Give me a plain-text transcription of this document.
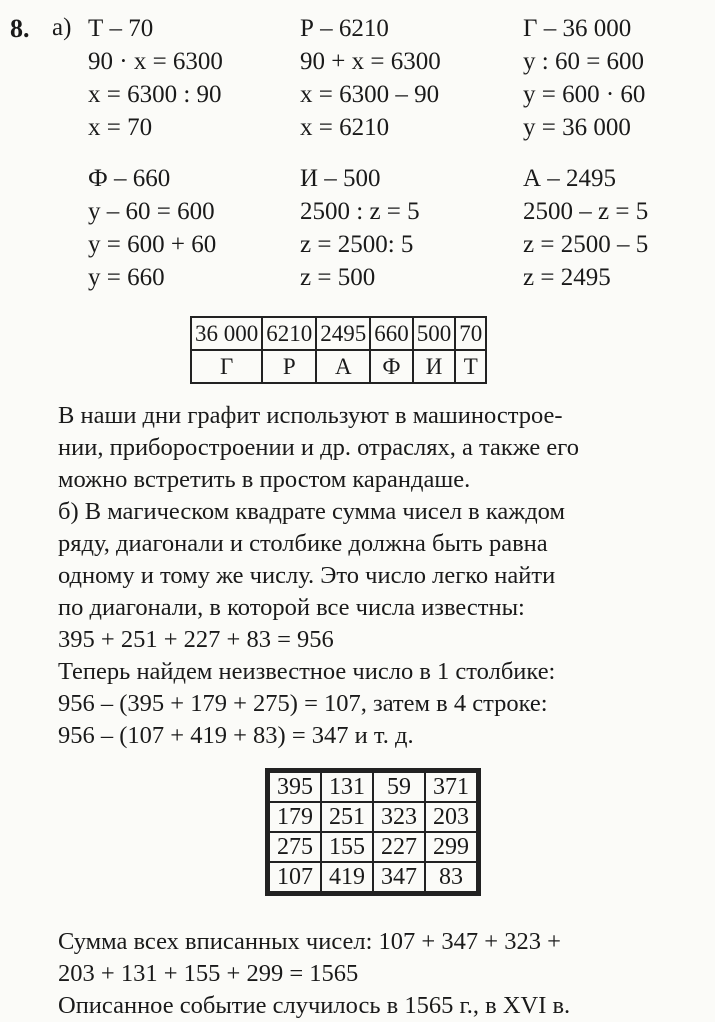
8. а) Т – 70
90 · x = 6300
x = 6300 : 90
x = 70
Р – 6210
90 + x = 6300
x = 6300 – 90
x = 6210
Г – 36 000
y : 60 = 600
y = 600 · 60
y = 36 000
Ф – 660
y – 60 = 600
y = 600 + 60
y = 660
И – 500
2500 : z = 5
z = 2500: 5
z = 500
А – 2495
2500 – z = 5
z = 2500 – 5
z = 2495
36 000	6210	2495	660	500	70
Г	Р	А	Ф	И	Т
В наши дни графит используют в машинострое-
нии, приборостроении и др. отраслях, а также его
можно встретить в простом карандаше.
б) В магическом квадрате сумма чисел в каждом
ряду, диагонали и столбике должна быть равна
одному и тому же числу. Это число легко найти
по диагонали, в которой все числа известны:
395 + 251 + 227 + 83 = 956
Теперь найдем неизвестное число в 1 столбике:
956 – (395 + 179 + 275) = 107, затем в 4 строке:
956 – (107 + 419 + 83) = 347 и т. д.
395	131	59	371
179	251	323	203
275	155	227	299
107	419	347	83
Сумма всех вписанных чисел: 107 + 347 + 323 +
203 + 131 + 155 + 299 = 1565
Описанное событие случилось в 1565 г., в XVI в.
